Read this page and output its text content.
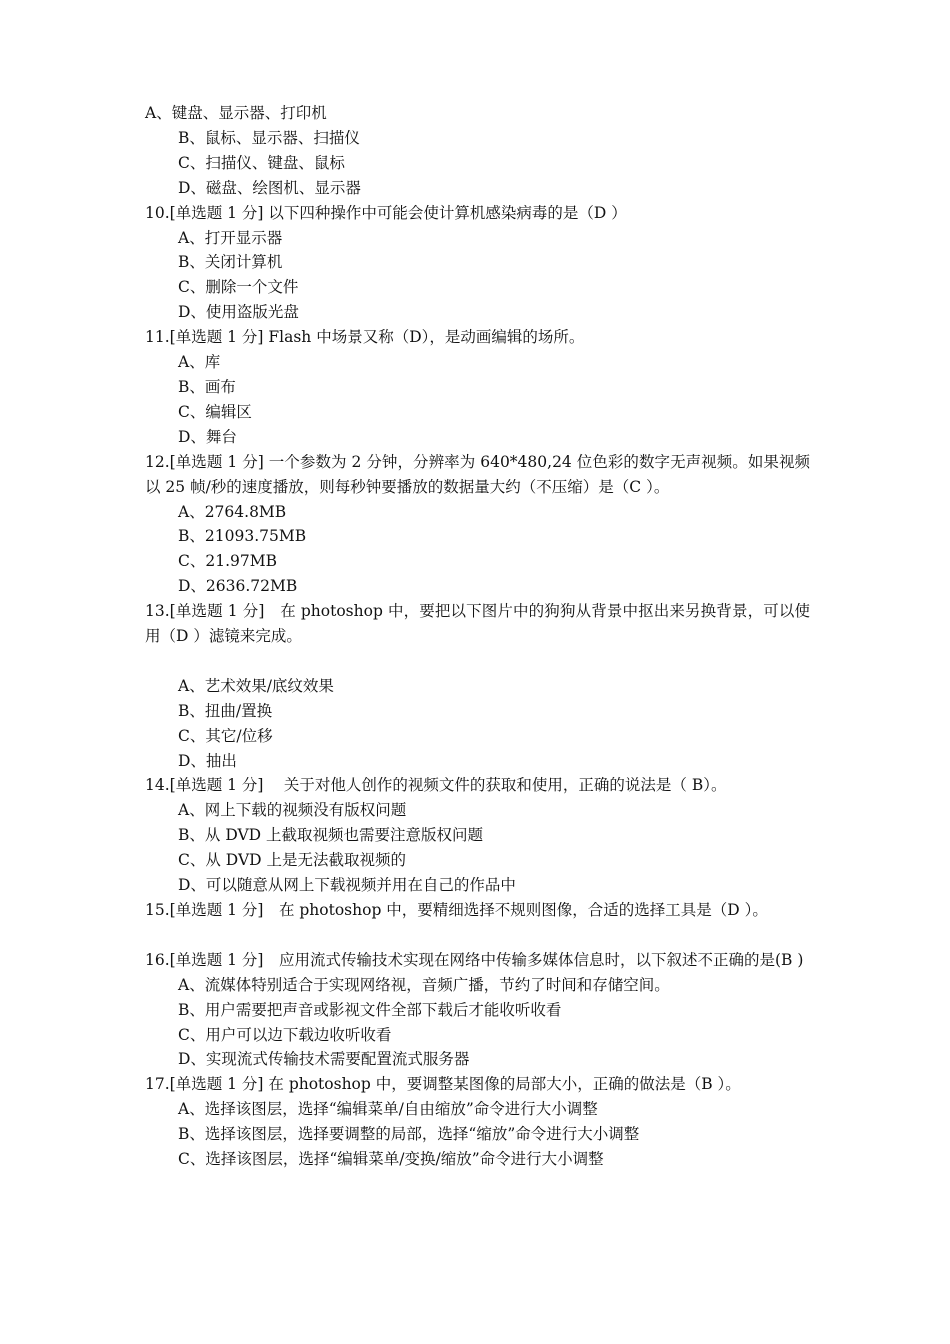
A、键盘、显示器、打印机
B、鼠标、显示器、扫描仪
C、扫描仪、键盘、鼠标
D、磁盘、绘图机、显示器
10.[单选题 1 分] 以下四种操作中可能会使计算机感染病毒的是（D ）
A、打开显示器
B、关闭计算机
C、删除一个文件
D、使用盗版光盘
11.[单选题 1 分] Flash 中场景又称（D），是动画编辑的场所。
A、库
B、画布
C、编辑区
D、舞台
12.[单选题 1 分] 一个参数为 2 分钟，分辨率为 640*480,24 位色彩的数字无声视频。如果视频以 25 帧/秒的速度播放，则每秒钟要播放的数据量大约（不压缩）是（C ）。
A、2764.8MB
B、21093.75MB
C、21.97MB
D、2636.72MB
13.[单选题 1 分]　在 photoshop 中，要把以下图片中的狗狗从背景中抠出来另换背景，可以使用（D ）滤镜来完成。
A、艺术效果/底纹效果
B、扭曲/置换
C、其它/位移
D、抽出
14.[单选题 1 分]　 关于对他人创作的视频文件的获取和使用，正确的说法是（ B）。
A、网上下载的视频没有版权问题
B、从 DVD 上截取视频也需要注意版权问题
C、从 DVD 上是无法截取视频的
D、可以随意从网上下载视频并用在自己的作品中
15.[单选题 1 分]　在 photoshop 中，要精细选择不规则图像，合适的选择工具是（D ）。
16.[单选题 1 分]　应用流式传输技术实现在网络中传输多媒体信息时，以下叙述不正确的是(B )
A、流媒体特别适合于实现网络视，音频广播，节约了时间和存储空间。
B、用户需要把声音或影视文件全部下载后才能收听收看
C、用户可以边下载边收听收看
D、实现流式传输技术需要配置流式服务器
17.[单选题 1 分] 在 photoshop 中，要调整某图像的局部大小，正确的做法是（B ）。
A、选择该图层，选择“编辑菜单/自由缩放”命令进行大小调整
B、选择该图层，选择要调整的局部，选择“缩放”命令进行大小调整
C、选择该图层，选择“编辑菜单/变换/缩放”命令进行大小调整
